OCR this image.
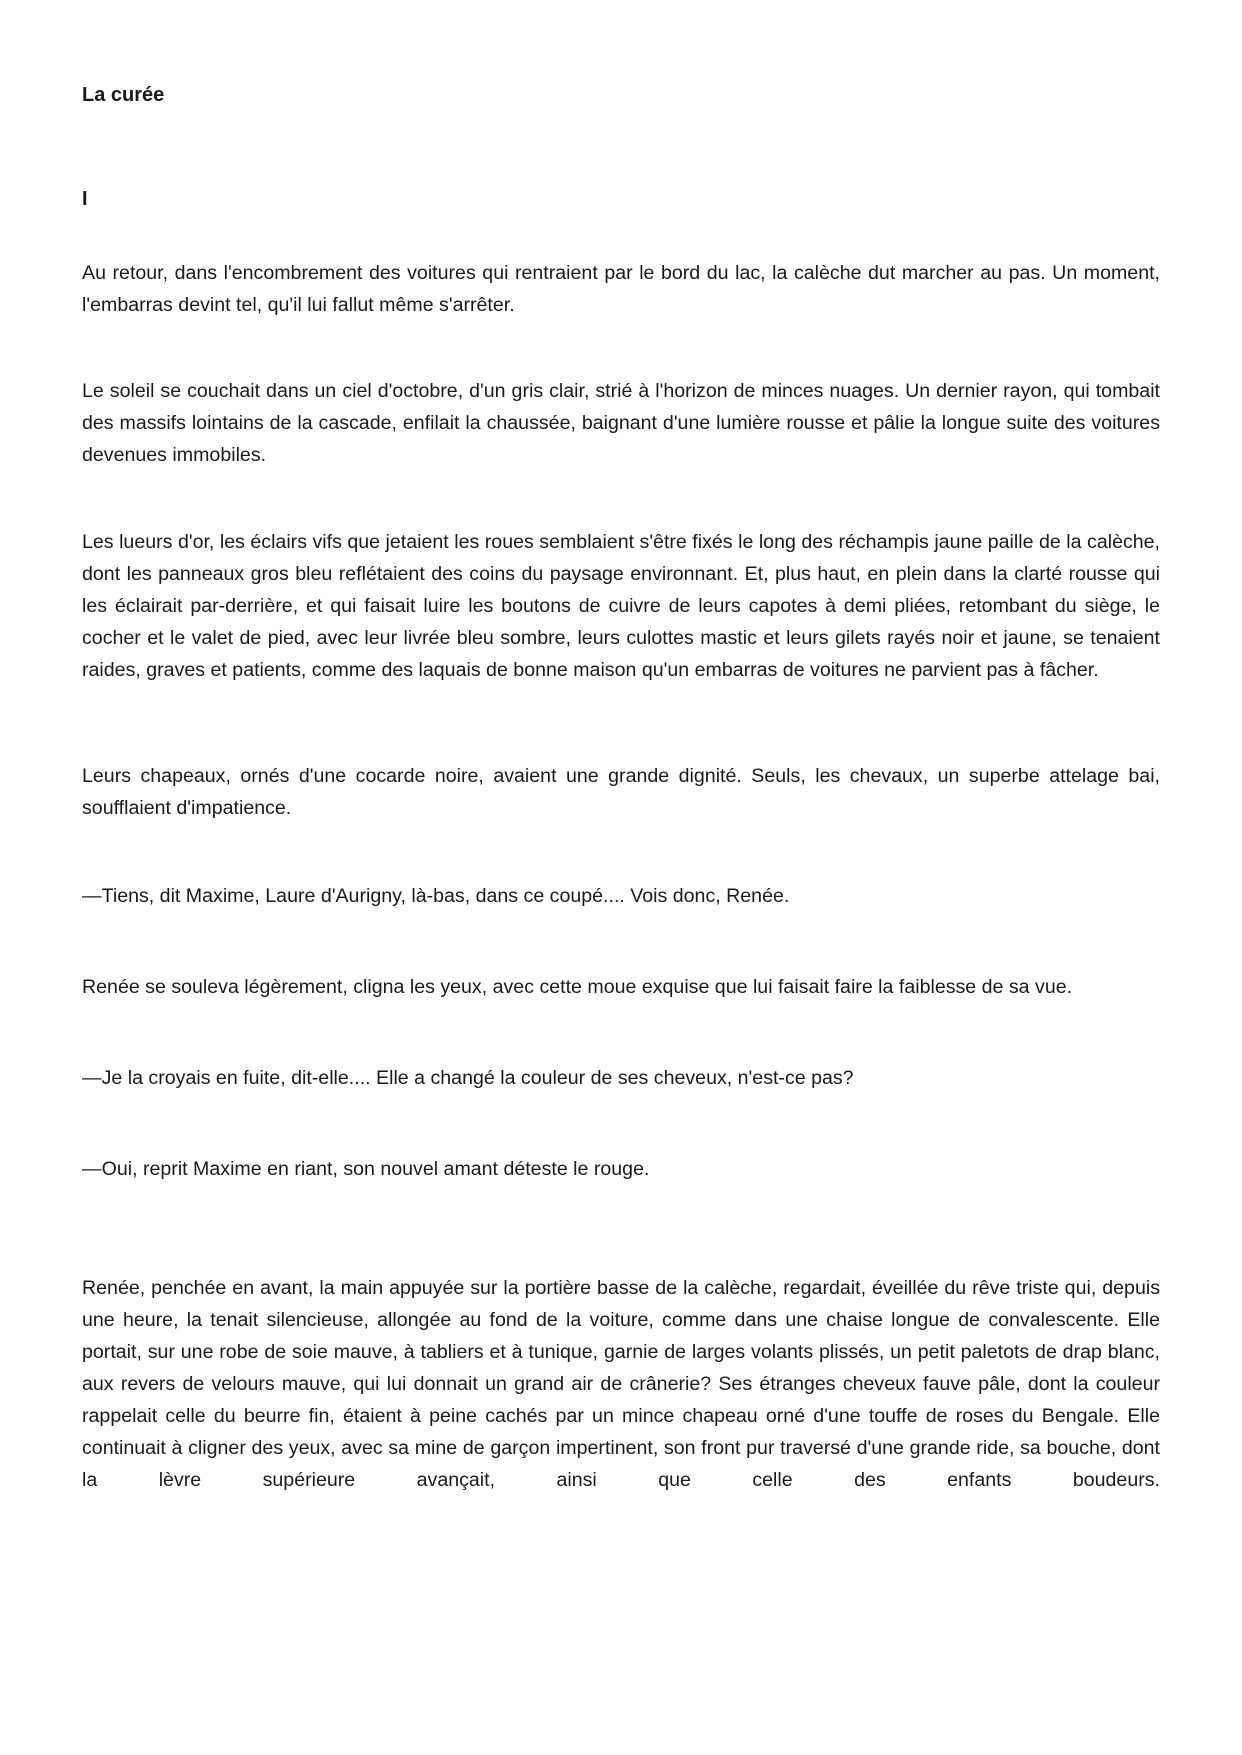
La curée
I

Au retour, dans l'encombrement des voitures qui rentraient par le bord du lac, la calèche dut marcher au pas. Un moment, l'embarras devint tel, qu'il lui fallut même s'arrêter.

Le soleil se couchait dans un ciel d'octobre, d'un gris clair, strié à l'horizon de minces nuages. Un dernier rayon, qui tombait des massifs lointains de la cascade, enfilait la chaussée, baignant d'une lumière rousse et pâlie la longue suite des voitures devenues immobiles.

Les lueurs d'or, les éclairs vifs que jetaient les roues semblaient s'être fixés le long des réchampis jaune paille de la calèche, dont les panneaux gros bleu reflétaient des coins du paysage environnant. Et, plus haut, en plein dans la clarté rousse qui les éclairait par-derrière, et qui faisait luire les boutons de cuivre de leurs capotes à demi pliées, retombant du siège, le cocher et le valet de pied, avec leur livrée bleu sombre, leurs culottes mastic et leurs gilets rayés noir et jaune, se tenaient raides, graves et patients, comme des laquais de bonne maison qu'un embarras de voitures ne parvient pas à fâcher.

Leurs chapeaux, ornés d'une cocarde noire, avaient une grande dignité. Seuls, les chevaux, un superbe attelage bai, soufflaient d'impatience.

—Tiens, dit Maxime, Laure d'Aurigny, là-bas, dans ce coupé.... Vois donc, Renée.

Renée se souleva légèrement, cligna les yeux, avec cette moue exquise que lui faisait faire la faiblesse de sa vue.

—Je la croyais en fuite, dit-elle.... Elle a changé la couleur de ses cheveux, n'est-ce pas?

—Oui, reprit Maxime en riant, son nouvel amant déteste le rouge.

Renée, penchée en avant, la main appuyée sur la portière basse de la calèche, regardait, éveillée du rêve triste qui, depuis une heure, la tenait silencieuse, allongée au fond de la voiture, comme dans une chaise longue de convalescente. Elle portait, sur une robe de soie mauve, à tabliers et à tunique, garnie de larges volants plissés, un petit paletots de drap blanc, aux revers de velours mauve, qui lui donnait un grand air de crânerie? Ses étranges cheveux fauve pâle, dont la couleur rappelait celle du beurre fin, étaient à peine cachés par un mince chapeau orné d'une touffe de roses du Bengale. Elle continuait à cligner des yeux, avec sa mine de garçon impertinent, son front pur traversé d'une grande ride, sa bouche, dont la lèvre supérieure avançait, ainsi que celle des enfants boudeurs.
